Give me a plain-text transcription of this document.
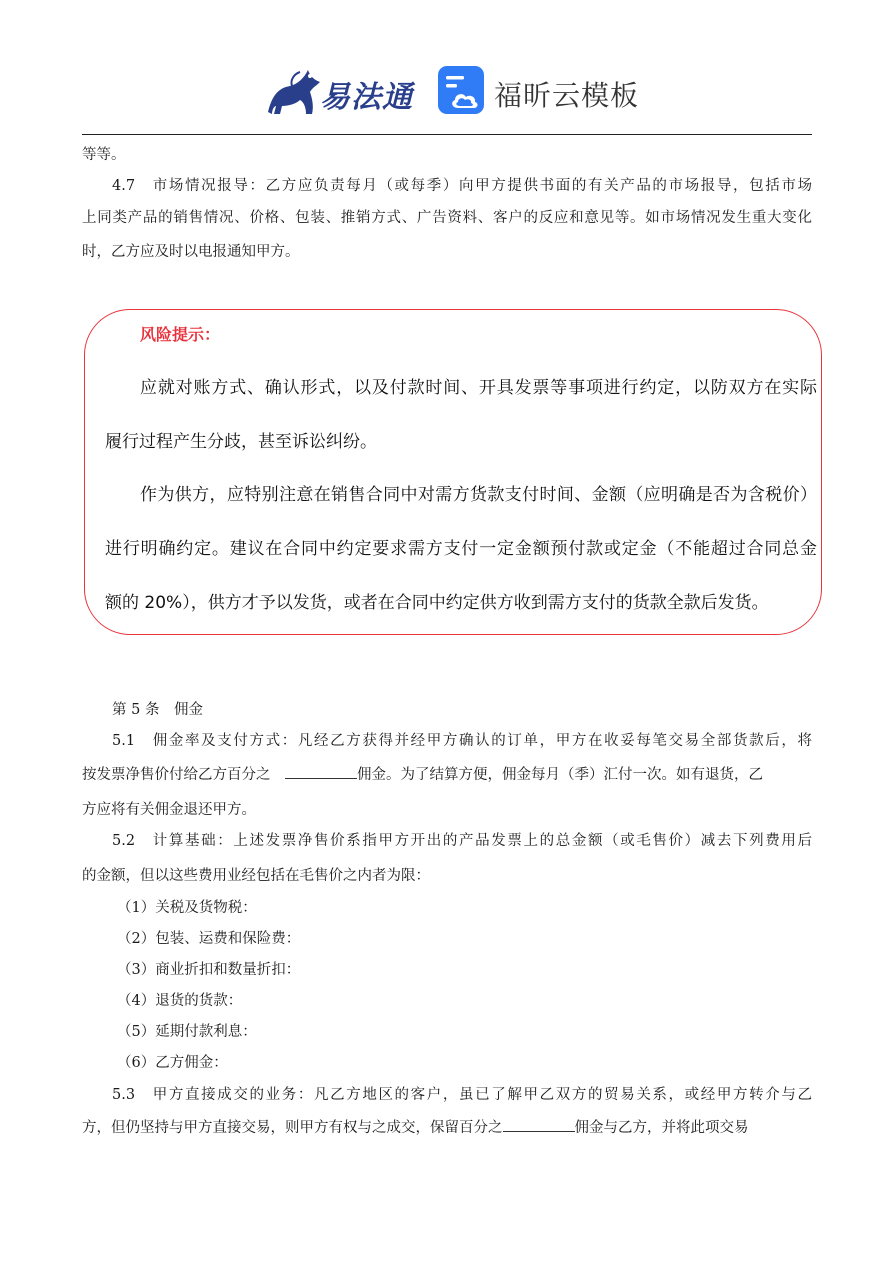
易法通	福昕云模板
等等。
4.7　市场情况报导：乙方应负责每月（或每季）向甲方提供书面的有关产品的市场报导，包括市场
上同类产品的销售情况、价格、包装、推销方式、广告资料、客户的反应和意见等。如市场情况发生重大变化
时，乙方应及时以电报通知甲方。
风险提示：
应就对账方式、确认形式，以及付款时间、开具发票等事项进行约定，以防双方在实际
履行过程产生分歧，甚至诉讼纠纷。
作为供方，应特别注意在销售合同中对需方货款支付时间、金额（应明确是否为含税价）
进行明确约定。建议在合同中约定要求需方支付一定金额预付款或定金（不能超过合同总金
额的 20%），供方才予以发货，或者在合同中约定供方收到需方支付的货款全款后发货。
第 5 条　佣金
5.1　佣金率及支付方式：凡经乙方获得并经甲方确认的订单，甲方在收妥每笔交易全部货款后，将
按发票净售价付给乙方百分之　	佣金。为了结算方便，佣金每月（季）汇付一次。如有退货，乙
方应将有关佣金退还甲方。
5.2　计算基础：上述发票净售价系指甲方开出的产品发票上的总金额（或毛售价）减去下列费用后
的金额，但以这些费用业经包括在毛售价之内者为限：
（1）关税及货物税：
（2）包装、运费和保险费：
（3）商业折扣和数量折扣：
（4）退货的货款：
（5）延期付款利息：
（6）乙方佣金：
5.3　甲方直接成交的业务：凡乙方地区的客户，虽已了解甲乙双方的贸易关系，或经甲方转介与乙
方，但仍坚持与甲方直接交易，则甲方有权与之成交，保留百分之	佣金与乙方，并将此项交易
